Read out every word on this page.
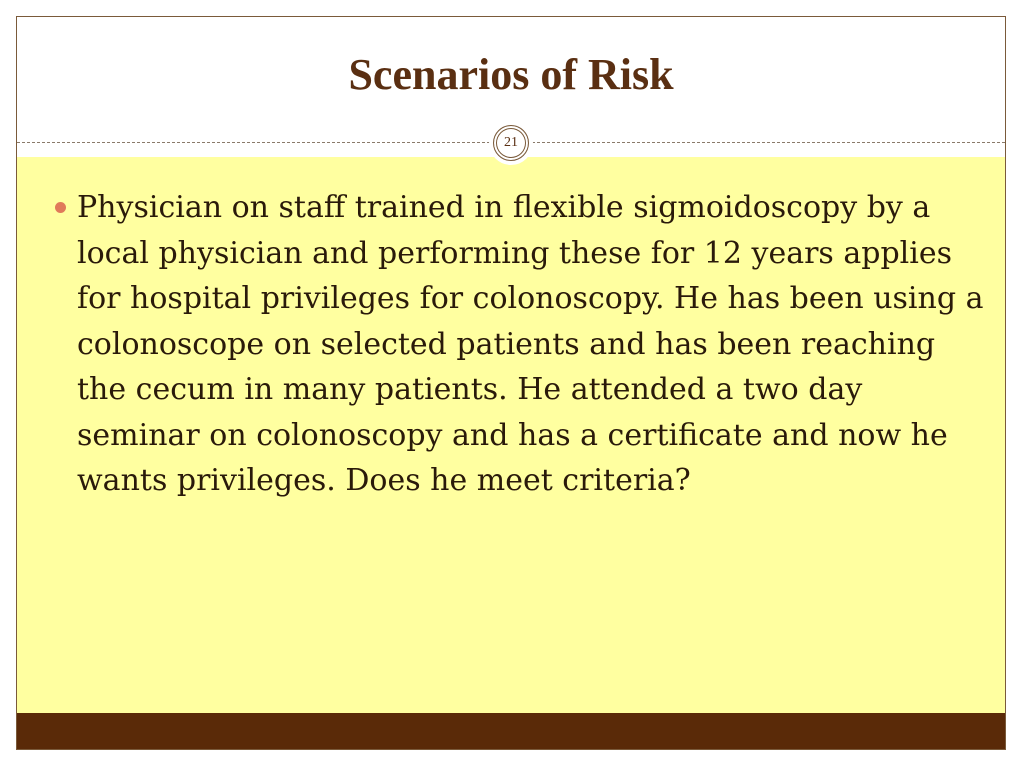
Scenarios of Risk
21
Physician on staff trained in flexible sigmoidoscopy by a local physician and performing these for 12 years applies for hospital privileges for colonoscopy. He has been using a colonoscope on selected patients and has been reaching the cecum in many patients. He attended a two day seminar on colonoscopy and has a certificate and now he wants privileges. Does he meet criteria?
